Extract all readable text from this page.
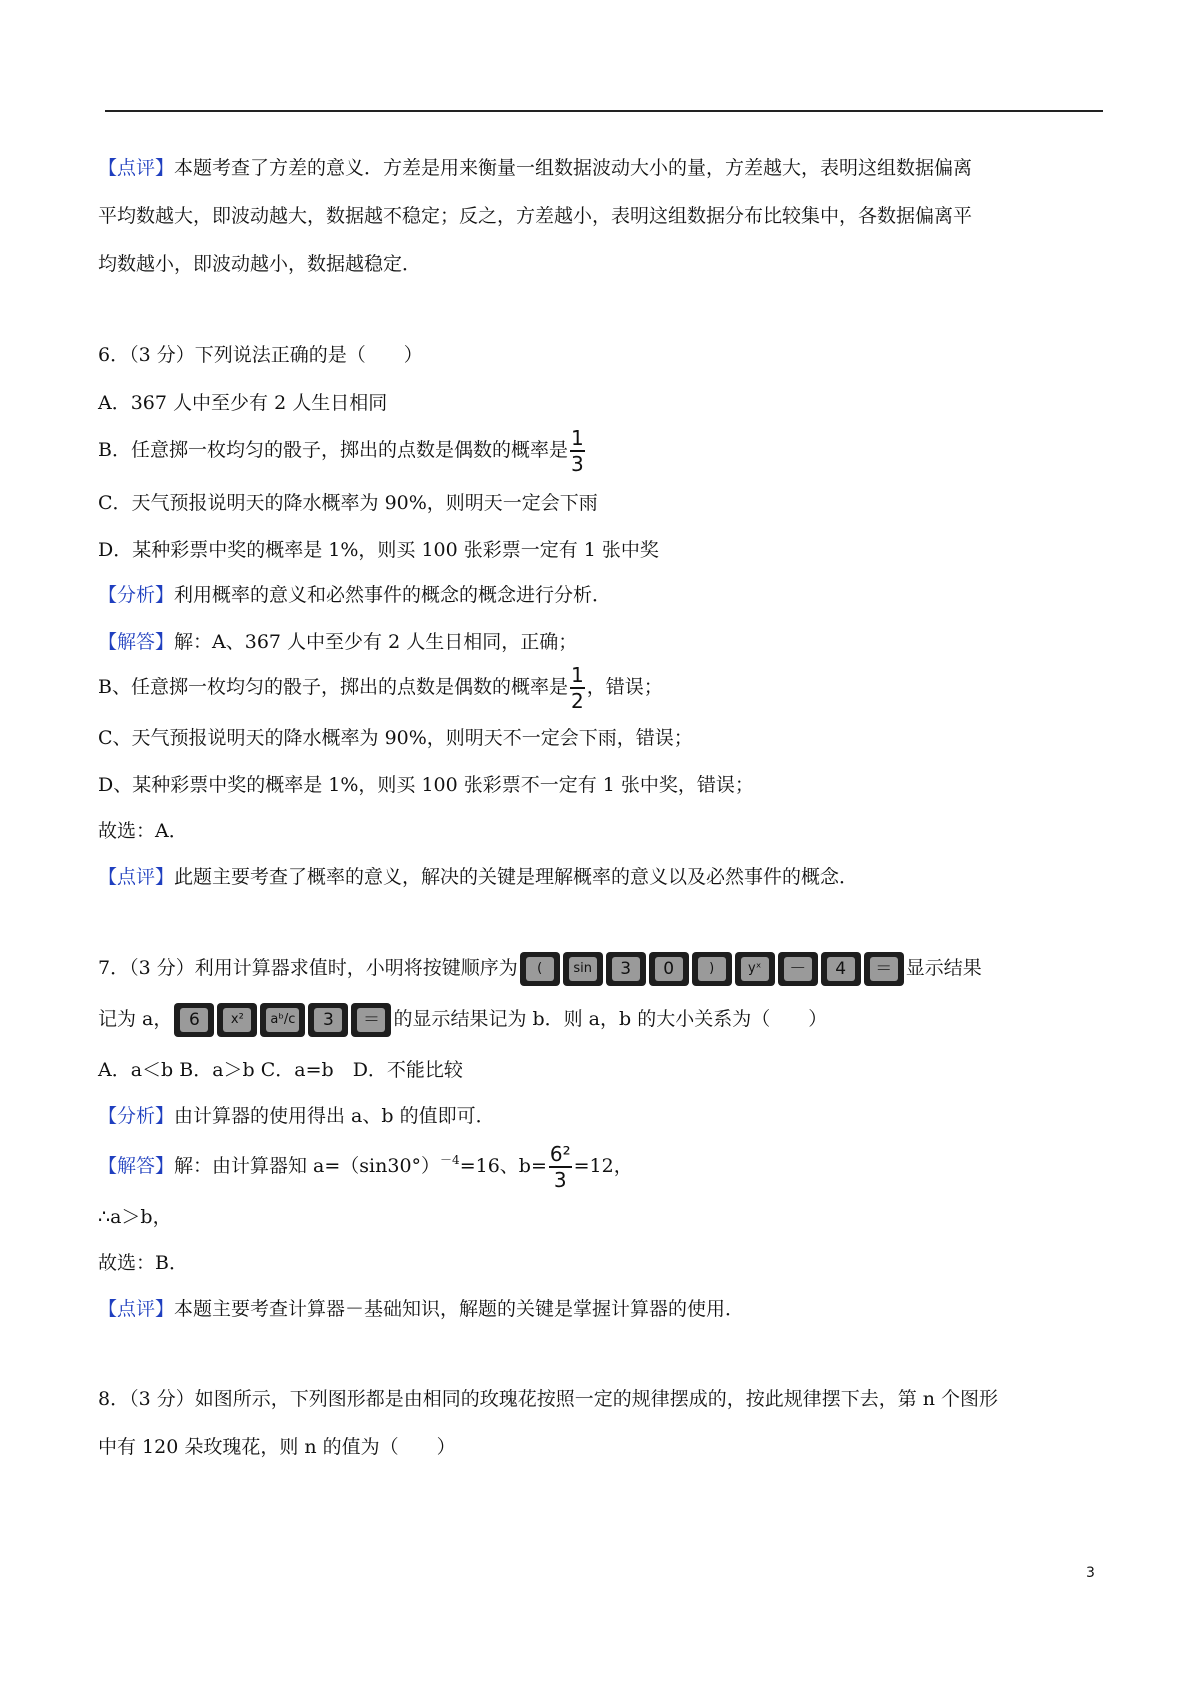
【点评】本题考查了方差的意义．方差是用来衡量一组数据波动大小的量，方差越大，表明这组数据偏离
平均数越大，即波动越大，数据越不稳定；反之，方差越小，表明这组数据分布比较集中，各数据偏离平
均数越小，即波动越小，数据越稳定．
6．（3 分）下列说法正确的是（　　）
A．367 人中至少有 2 人生日相同
B．任意掷一枚均匀的骰子，掷出的点数是偶数的概率是 $\frac{1}{3}$
C．天气预报说明天的降水概率为 90%，则明天一定会下雨
D．某种彩票中奖的概率是 1%，则买 100 张彩票一定有 1 张中奖
【分析】利用概率的意义和必然事件的概念的概念进行分析．
【解答】解：A、367 人中至少有 2 人生日相同，正确；
B、任意掷一枚均匀的骰子，掷出的点数是偶数的概率是 $\frac{1}{2}$ ，错误；
C、天气预报说明天的降水概率为 90%，则明天不一定会下雨，错误；
D、某种彩票中奖的概率是 1%，则买 100 张彩票不一定有 1 张中奖，错误；
故选：A．
【点评】此题主要考查了概率的意义，解决的关键是理解概率的意义以及必然事件的概念．
7．（3 分）利用计算器求值时，小明将按键顺序为	(	sin	3	0	)	yˣ	－	4	＝ 显示结果
记为 a， 6	x²	aᵇ/c	3	＝ 的显示结果记为 b．则 a，b 的大小关系为（　　）
A．a＜b B．a＞b C．a=b　D．不能比较
【分析】由计算器的使用得出 a、b 的值即可．
【解答】解：由计算器知 $a=(\sin 30^\circ)^{-4}=16$、$b= \frac{\text{6²}}{3} =12$，
∴a＞b，
故选：B．
【点评】本题主要考查计算器－基础知识，解题的关键是掌握计算器的使用．
8．（3 分）如图所示，下列图形都是由相同的玫瑰花按照一定的规律摆成的，按此规律摆下去，第 n 个图形
中有 120 朵玫瑰花，则 n 的值为（　　）
3
